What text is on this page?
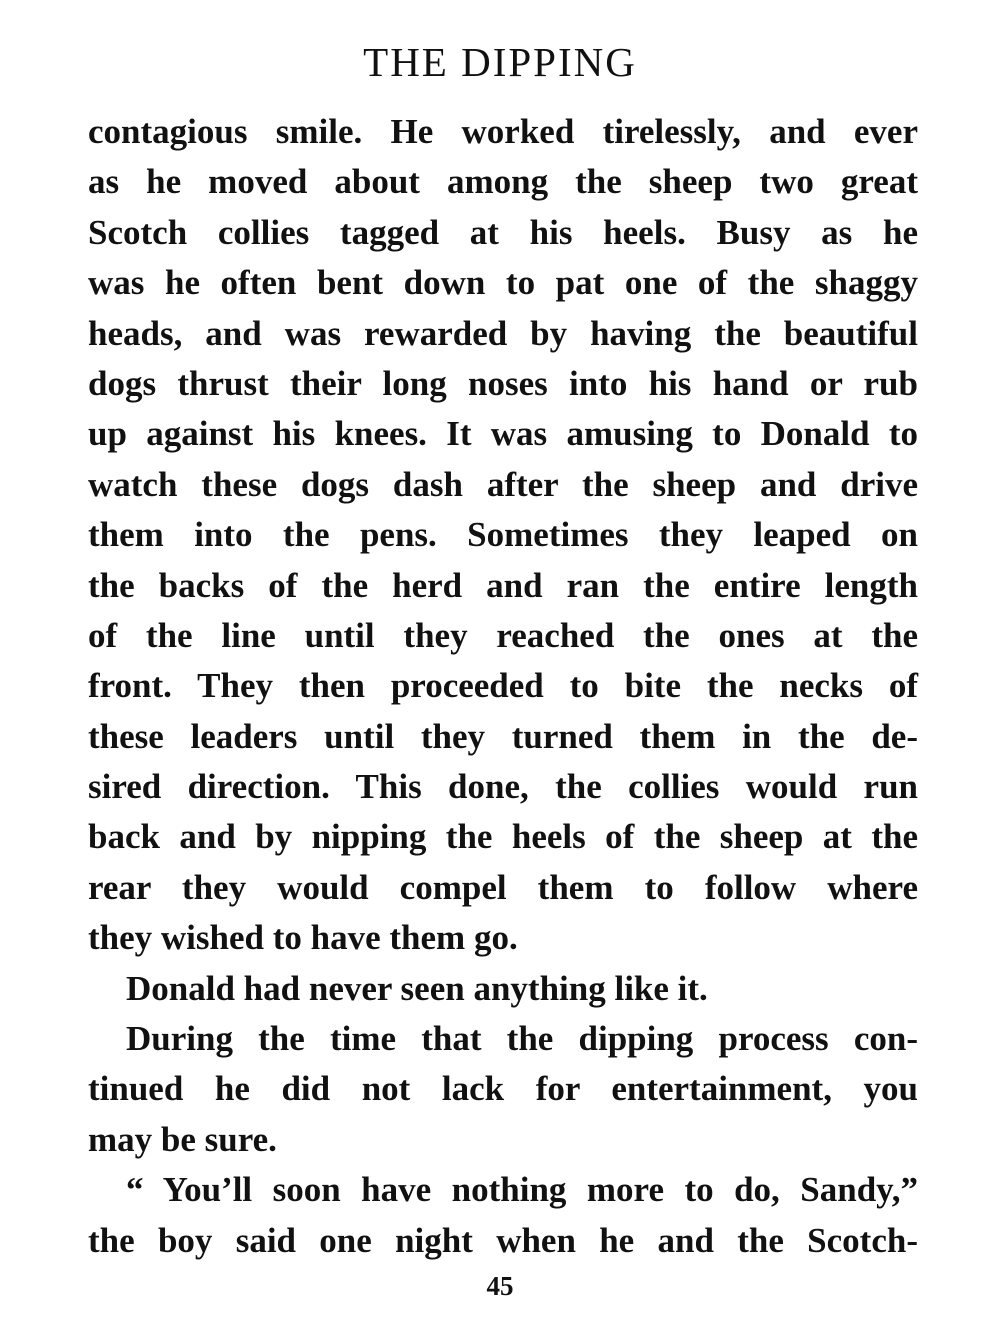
THE DIPPING
contagious smile. He worked tirelessly, and ever
as he moved about among the sheep two great
Scotch collies tagged at his heels. Busy as he
was he often bent down to pat one of the shaggy
heads, and was rewarded by having the beautiful
dogs thrust their long noses into his hand or rub
up against his knees. It was amusing to Donald to
watch these dogs dash after the sheep and drive
them into the pens. Sometimes they leaped on
the backs of the herd and ran the entire length
of the line until they reached the ones at the
front. They then proceeded to bite the necks of
these leaders until they turned them in the de-
sired direction. This done, the collies would run
back and by nipping the heels of the sheep at the
rear they would compel them to follow where
they wished to have them go.
Donald had never seen anything like it.
During the time that the dipping process con-
tinued he did not lack for entertainment, you
may be sure.
“ You’ll soon have nothing more to do, Sandy,”
the boy said one night when he and the Scotch-
45
